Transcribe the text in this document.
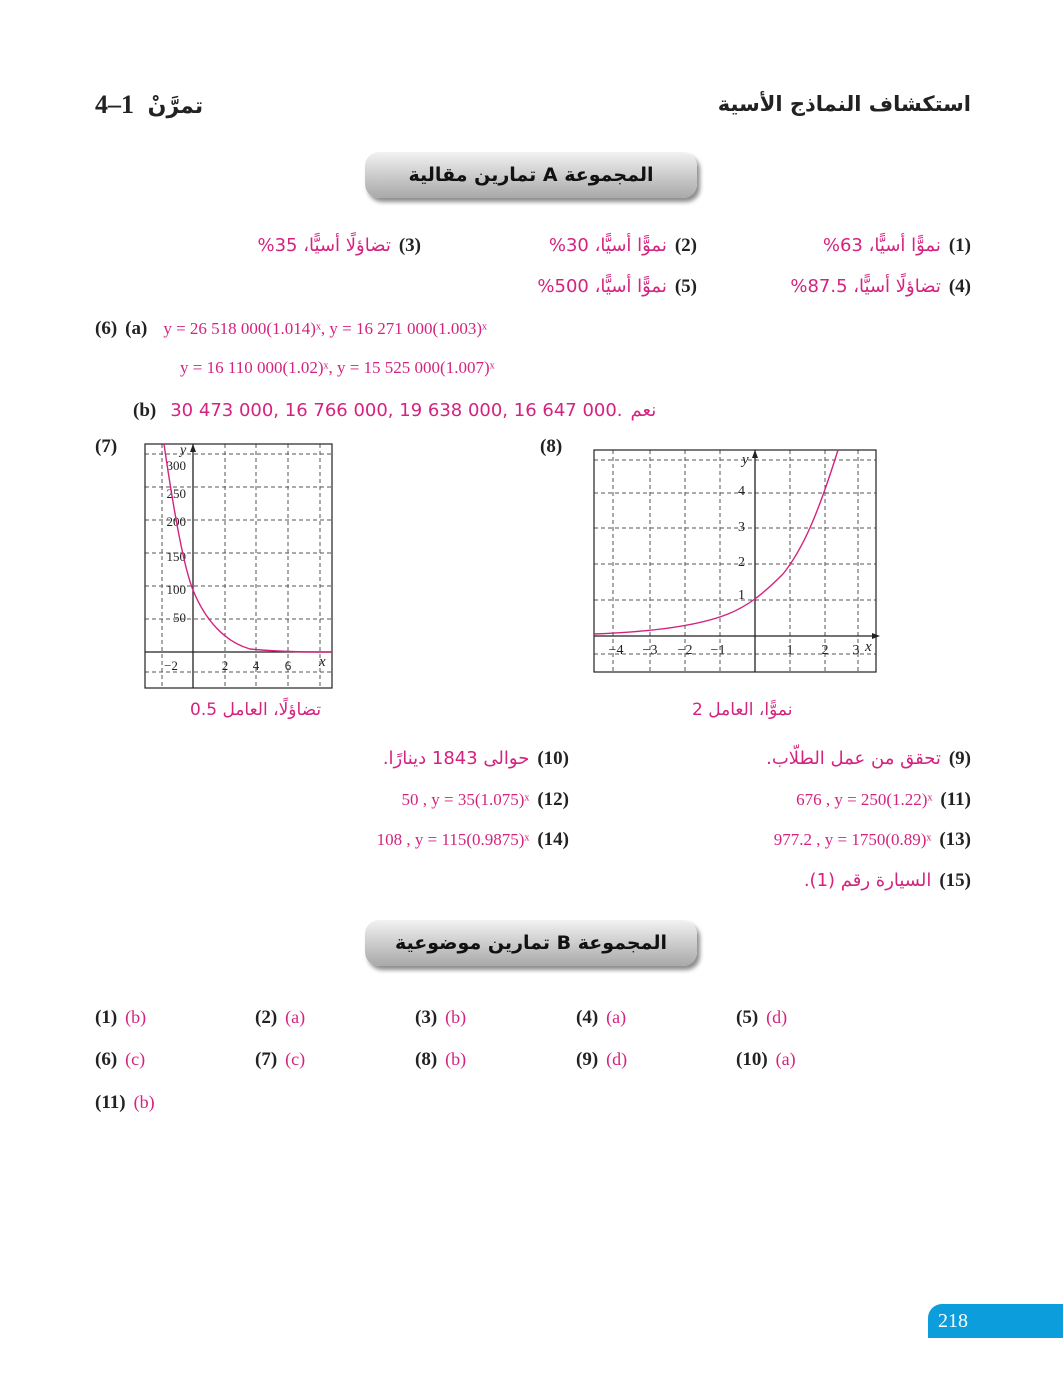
4–1 تمرَّنْ	استكشاف النماذج الأسية
المجموعة A تمارين مقالية
(1)
نموًّا أسيًّا، 63%
(2)
نموًّا أسيًّا، 30%
(3)
تضاؤلًا أسيًّا، 35%
(4)
تضاؤلًا أسيًّا، 87.5%
(5)
نموًّا أسيًّا، 500%
(6) (a) y = 26 518 000(1.014)ˣ, y = 16 271 000(1.003)ˣ
y = 16 110 000(1.02)ˣ, y = 15 525 000(1.007)ˣ
(b) 30 473 000, 16 766 000, 19 638 000, 16 647 000. نعم
(7)	y
x
300
250
200
150
100
50
−2	2 4 6
تضاؤلًا، العامل 0.5
(8)
y
x
4
3
2
1
−4 −3 −2 −1	1 2 3
نموًّا، العامل 2
(9)
تحقق من عمل الطلّاب.
(10)
حوالى 1843 دينارًا.
676 , y = 250(1.22)ˣ (11)
50 , y = 35(1.075)ˣ (12)
977.2 , y = 1750(0.89)ˣ (13)
108 , y = 115(0.9875)ˣ (14)
(15)
السيارة رقم (1).
المجموعة B تمارين موضوعية
(1) (b)	(2) (a)	(3) (b)	(4) (a)	(5) (d)
(6) (c)	(7) (c)	(8) (b)	(9) (d)	(10) (a)
(11) (b)
218
